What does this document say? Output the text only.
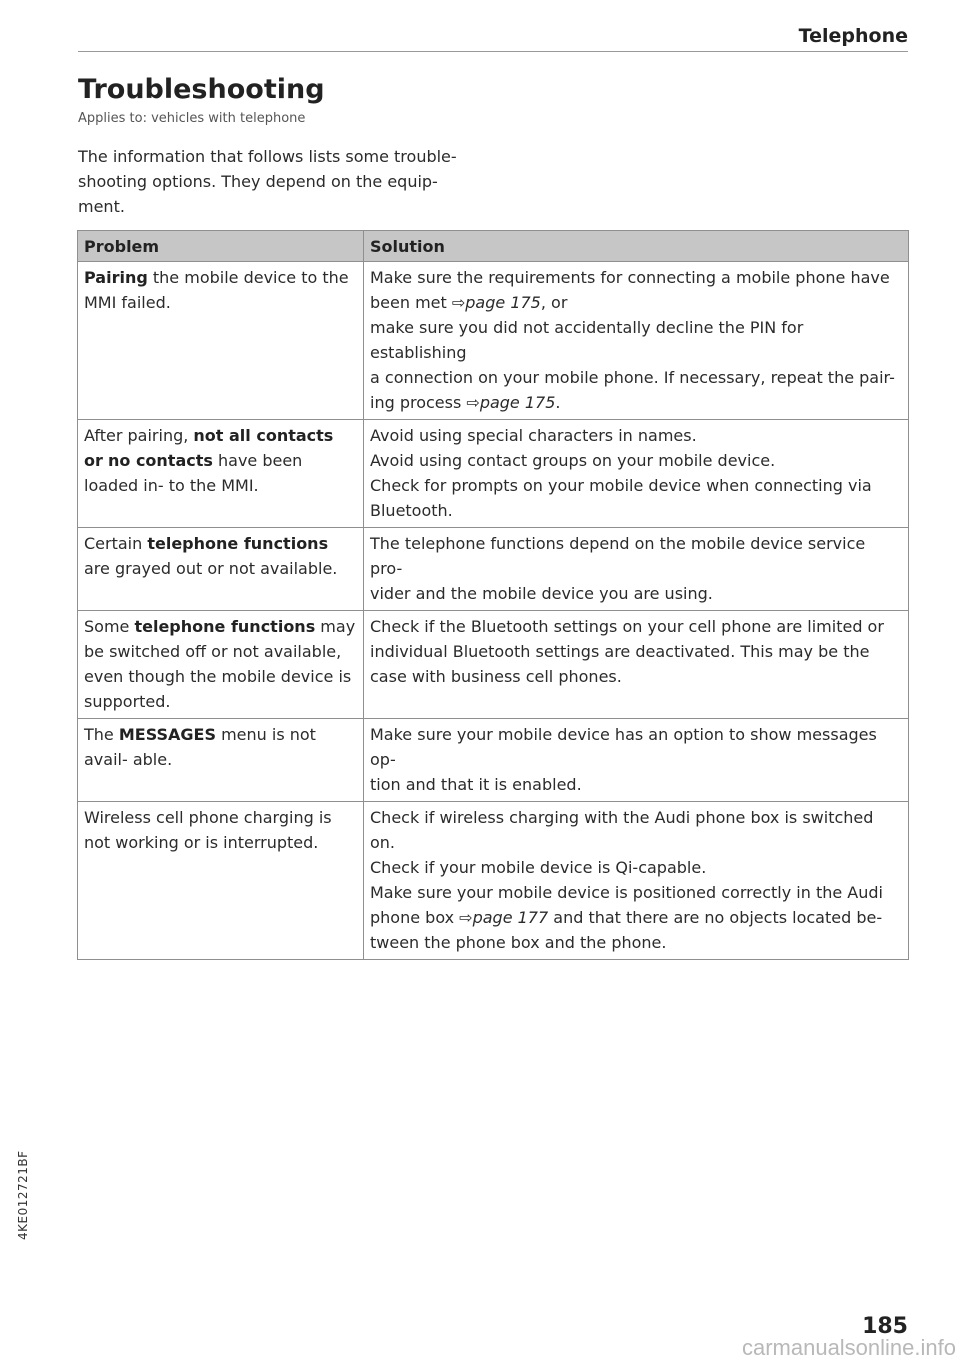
Telephone
Troubleshooting
Applies to: vehicles with telephone

The information that follows lists some trouble-
shooting options. They depend on the equip-
ment.

Problem	Solution
Pairing the mobile device to the MMI failed.	Make sure the requirements for connecting a mobile phone have
been met ⇨page 175, or
make sure you did not accidentally decline the PIN for establishing
a connection on your mobile phone. If necessary, repeat the pair-
ing process ⇨page 175.

After pairing, not all contacts or no contacts have been loaded in- to the MMI.	Avoid using special characters in names.
Avoid using contact groups on your mobile device.
Check for prompts on your mobile device when connecting via
Bluetooth.

Certain telephone functions are grayed out or not available.	The telephone functions depend on the mobile device service pro-
vider and the mobile device you are using.

Some telephone functions may be switched off or not available, even though the mobile device is supported.	Check if the Bluetooth settings on your cell phone are limited or
individual Bluetooth settings are deactivated. This may be the
case with business cell phones.

The MESSAGES menu is not avail- able.	Make sure your mobile device has an option to show messages op-
tion and that it is enabled.

Wireless cell phone charging is not working or is interrupted.	Check if wireless charging with the Audi phone box is switched on.
Check if your mobile device is Qi-capable.
Make sure your mobile device is positioned correctly in the Audi
phone box ⇨page 177 and that there are no objects located be-
tween the phone box and the phone.
4KE012721BF
185
carmanualsonline.info
